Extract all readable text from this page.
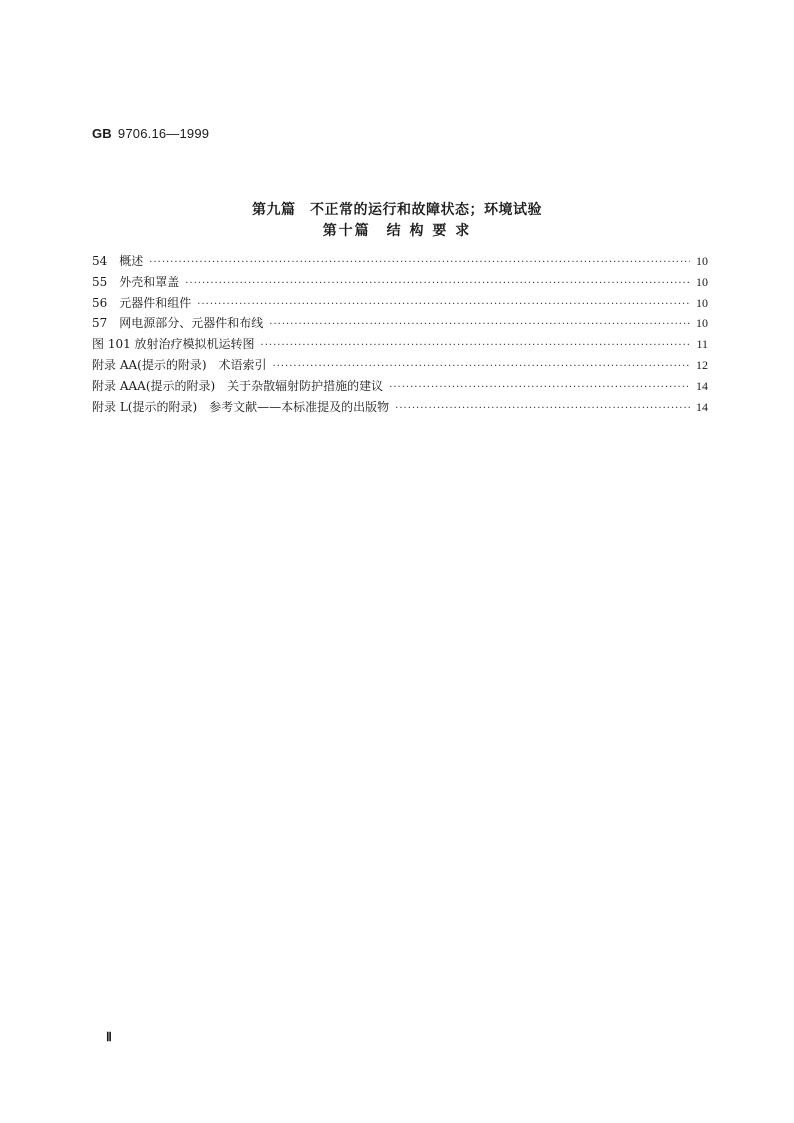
GB 9706.16—1999
第九篇　不正常的运行和故障状态；环境试验
第十篇　结 构 要 求
54　概述 ·····	10
55　外壳和罩盖 ·····	10
56　元器件和组件 ·····	10
57　网电源部分、元器件和布线 ·····	10
图 101 放射治疗模拟机运转图 ·····	11
附录 AA(提示的附录)　术语索引 ·····	12
附录 AAA(提示的附录)　关于杂散辐射防护措施的建议 ·····	14
附录 L(提示的附录)　参考文献——本标准提及的出版物 ·····	14
Ⅱ
